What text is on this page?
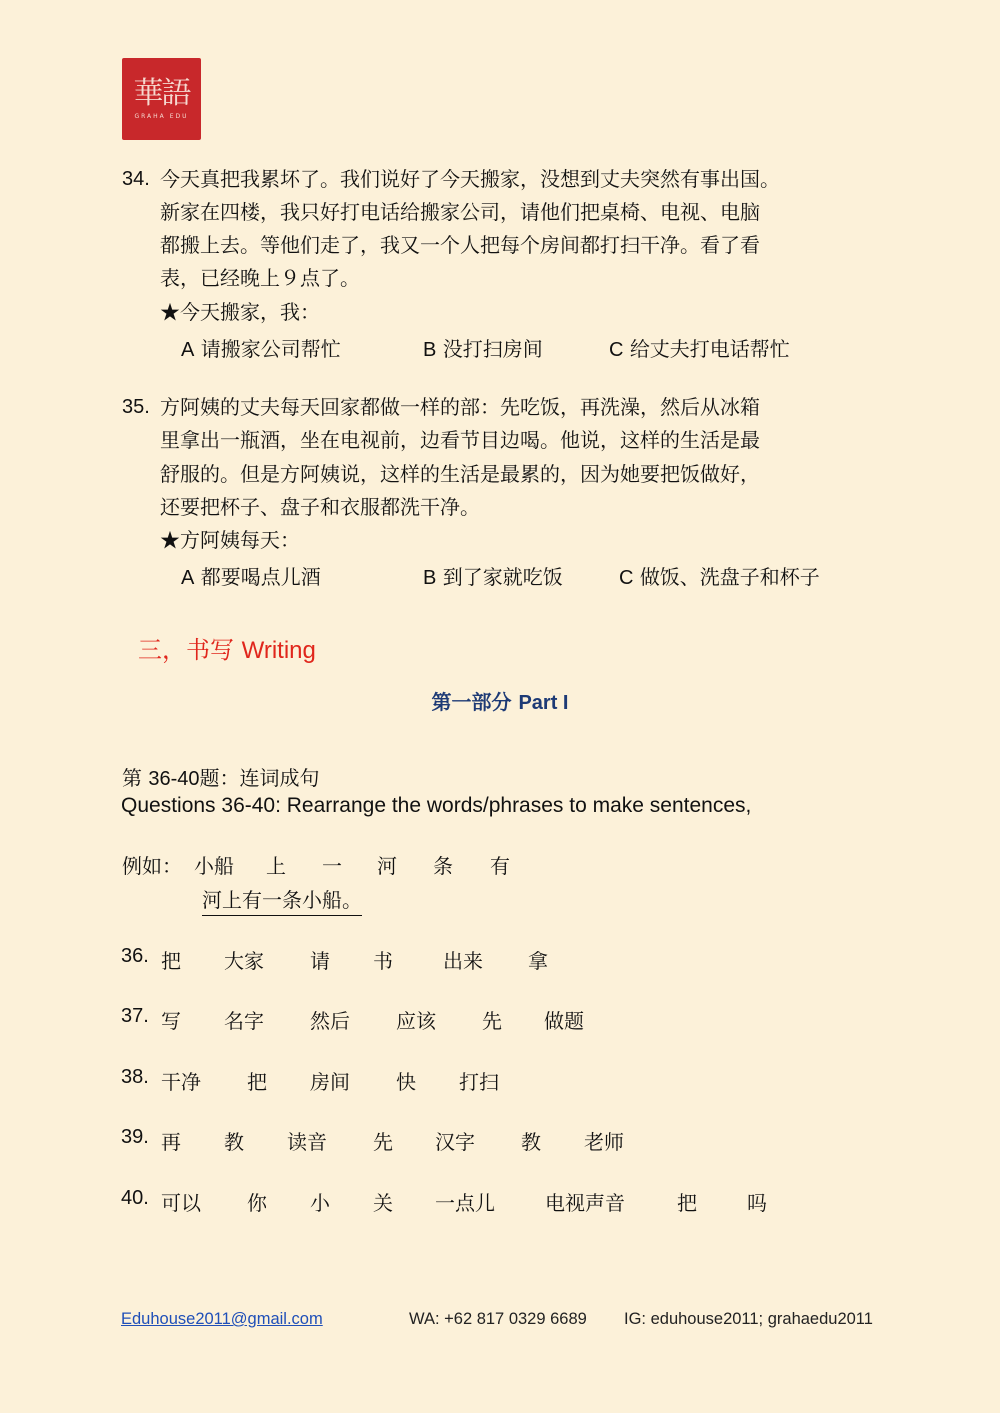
華語
GRAHA EDU
34. 今天真把我累坏了。我们说好了今天搬家，没想到丈夫突然有事出国。
新家在四楼，我只好打电话给搬家公司，请他们把桌椅、电视、电脑
都搬上去。等他们走了，我又一个人把每个房间都打扫干净。看了看
表，已经晚上９点了。
★今天搬家，我：
A 请搬家公司帮忙	B 没打扫房间	C 给丈夫打电话帮忙
35. 方阿姨的丈夫每天回家都做一样的部：先吃饭，再洗澡，然后从冰箱
里拿出一瓶酒，坐在电视前，边看节目边喝。他说，这样的生活是最
舒服的。但是方阿姨说，这样的生活是最累的，因为她要把饭做好，
还要把杯子、盘子和衣服都洗干净。
★方阿姨每天：
A 都要喝点儿酒	B 到了家就吃饭	C 做饭、洗盘子和杯子
三，书写 Writing
第一部分 Part I
第 36-40题：连词成句
Questions 36-40: Rearrange the words/phrases to make sentences,
例如： 小船 上 一 河 条 有
河上有一条小船。
36. 把 大家 请 书	出来 拿
37. 写 名字 然后 应该 先 做题
38. 干净 把 房间 快 打扫
39. 再 教 读音 先 汉字 教 老师
40. 可以 你 小 关 一点儿	电视声音	把	吗
Eduhouse2011@gmail.com	WA: +62 817 0329 6689 IG: eduhouse2011; grahaedu2011
